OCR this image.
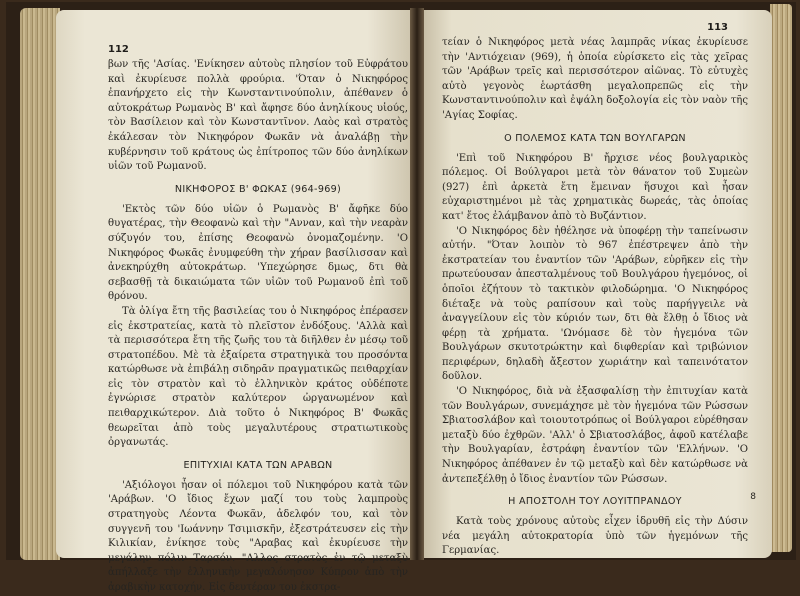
112

βων τῆς 'Ασίας. 'Ενίκησεν αὐτοὺς πλησίον τοῦ Εὐφράτου καὶ ἐκυρίευσε πολλὰ φρούρια. 'Όταν ὁ Νικηφόρος ἐπανήρχετο εἰς τὴν Κωνσταντινούπολιν, ἀπέθανεν ὁ αὐτοκράτωρ Ρωμανὸς Β' καὶ ἄφησε δύο ἀνηλίκους υἱούς, τὸν Βασίλειον καὶ τὸν Κωνσταντῖνον. Λαὸς καὶ στρατὸς ἐκάλεσαν τὸν Νικηφόρον Φωκᾶν νὰ ἀναλάβῃ τὴν κυβέρνησιν τοῦ κράτους ὡς ἐπίτροπος τῶν δύο ἀνηλίκων υἱῶν τοῦ Ρωμανοῦ.

ΝΙΚΗΦΟΡΟΣ Β' ΦΩΚΑΣ (964-969)

'Εκτὸς τῶν δύο υἱῶν ὁ Ρωμανὸς Β' ἄφῆκε δύο θυγατέρας, τὴν Θεοφανὼ καὶ τὴν "Ανναν, καὶ τὴν νεαρὰν σύζυγόν του, ἐπίσης Θεοφανὼ ὀνομαζομένην. 'Ο Νικηφόρος Φωκᾶς ἐνυμφεύθη τὴν χήραν βασίλισσαν καὶ ἀνεκηρύχθη αὐτοκράτωρ. 'Υπεχώρησε δμως, δτι θὰ σεβασθῇ τὰ δικαιώματα τῶν υἱῶν τοῦ Ρωμανοῦ ἐπὶ τοῦ θρόνου.

Τὰ ὀλίγα ἔτη τῆς βασιλείας του ὁ Νικηφόρος ἐπέρασεν εἰς ἐκστρατείας, κατὰ τὸ πλεῖστον ἐνδόξους. 'Αλλὰ καὶ τὰ περισσότερα ἔτη τῆς ζωῆς του τὰ διῆλθεν ἐν μέσῳ τοῦ στρατοπέδου. Μὲ τὰ ἐξαίρετα στρατηγικὰ του προσόντα κατώρθωσε νὰ ἐπιβάλῃ σιδηρᾶν πραγματικῶς πειθαρχίαν εἰς τὸν στρατὸν καὶ τὸ ἑλληνικὸν κράτος οὐδέποτε ἐγνώρισε στρατὸν καλύτερον ὠργανωμένον καὶ πειθαρχικώτερον. Διὰ τοῦτο ὁ Νικηφόρος Β' Φωκᾶς θεωρεῖται ἀπὸ τοὺς μεγαλυτέρους στρατιωτικοὺς ὀργανωτάς.

ΕΠΙΤΥΧΙΑΙ ΚΑΤΑ ΤΩΝ ΑΡΑΒΩΝ

'Αξιόλογοι ἦσαν οἱ πόλεμοι τοῦ Νικηφόρου κατὰ τῶν 'Αράβων. 'Ο ἴδιος ἔχων μαζί του τοὺς λαμπροὺς στρατηγοὺς Λέοντα Φωκᾶν, ἀδελφόν του, καὶ τὸν συγγενῆ του 'Ιωάννην Τσιμισκῆν, ἐξεστράτευσεν εἰς τὴν Κιλικίαν, ἐνίκησε τοὺς "Αραβας καὶ ἐκυρίευσε τὴν μεγάλην πόλιν Ταρσόν. "Αλλος στρατὸς ἐν τῷ μεταξὺ ἀπήλλαξε τὴν ἑλληνικὴν μεγαλόνησον Κύπρον ἀπὸ τὴν ἀραβικὴν κατοχήν. Εἰς δευτέραν του ἐκστρα-

113

τείαν ὁ Νικηφόρος μετὰ νέας λαμπρᾶς νίκας ἐκυρίευσε τὴν 'Αντιόχειαν (969), ἡ ὁποία εὑρίσκετο εἰς τὰς χεῖρας τῶν 'Αράβων τρεῖς καὶ περισσότερον αἰῶνας. Τὸ εὐτυχὲς αὐτὸ γεγονὸς ἑωρτάσθη μεγαλοπρεπῶς εἰς τὴν Κωνσταντινούπολιν καὶ ἐψάλη δοξολογία εἰς τὸν ναὸν τῆς 'Αγίας Σοφίας.

Ο ΠΟΛΕΜΟΣ ΚΑΤΑ ΤΩΝ ΒΟΥΛΓΑΡΩΝ

'Επὶ τοῦ Νικηφόρου Β' ἤρχισε νέος βουλγαρικὸς πόλεμος. Οἱ Βούλγαροι μετὰ τὸν θάνατον τοῦ Συμεὼν (927) ἐπὶ ἀρκετὰ ἔτη ἔμειναν ἥσυχοι καὶ ἦσαν εὐχαριστημένοι μὲ τὰς χρηματικὰς δωρεάς, τὰς ὁποίας κατ' ἔτος ἐλάμβανον ἀπὸ τὸ Βυζάντιον.

'Ο Νικηφόρος δὲν ἠθέλησε νὰ ὑποφέρῃ τὴν ταπείνωσιν αὐτήν. "Όταν λοιπὸν τὸ 967 ἐπέστρεψεν ἀπὸ τὴν ἐκστρατείαν του ἐναντίον τῶν 'Αράβων, εὑρῆκεν εἰς τὴν πρωτεύουσαν ἀπεσταλμένους τοῦ Βουλγάρου ἡγεμόνος, οἱ ὁποῖοι ἐζήτουν τὸ τακτικὸν φιλοδώρημα. 'Ο Νικηφόρος διέταξε νὰ τοὺς ραπίσουν καὶ τοὺς παρήγγειλε νὰ ἀναγγείλουν εἰς τὸν κύριόν των, δτι θὰ ἔλθῃ ὁ ἴδιος νὰ φέρῃ τὰ χρήματα. 'Ωνόμασε δὲ τὸν ἡγεμόνα τῶν Βουλγάρων σκυτοτρώκτην καὶ διφθερίαν καὶ τριβώνιον περιφέρων, δηλαδὴ ἄξεστον χωριάτην καὶ ταπεινότατον δοῦλον.

'Ο Νικηφόρος, διὰ νὰ ἐξασφαλίσῃ τὴν ἐπιτυχίαν κατὰ τῶν Βουλγάρων, συνεμάχησε μὲ τὸν ἡγεμόνα τῶν Ρώσσων Σβιατοσλάβον καὶ τοιουτοτρόπως οἱ Βούλγαροι εὑρέθησαν μεταξὺ δύο ἐχθρῶν. 'Αλλ' ὁ Σβιατοσλάβος, ἀφοῦ κατέλαβε τὴν Βουλγαρίαν, ἐστράφη ἐναντίον τῶν 'Ελλήνων. 'Ο Νικηφόρος ἀπέθανεν ἐν τῷ μεταξὺ καὶ δὲν κατώρθωσε νὰ ἀντεπεξέλθῃ ὁ ἴδιος ἐναντίον τῶν Ρώσσων.

Η ΑΠΟΣΤΟΛΗ ΤΟΥ ΛΟΥΙΤΠΡΑΝΔΟΥ

Κατὰ τοὺς χρόνους αὐτοὺς εἶχεν ἱδρυθῆ εἰς τὴν Δύσιν νέα μεγάλη αὐτοκρατορία ὑπὸ τῶν ἡγεμόνων τῆς Γερμανίας.

8
